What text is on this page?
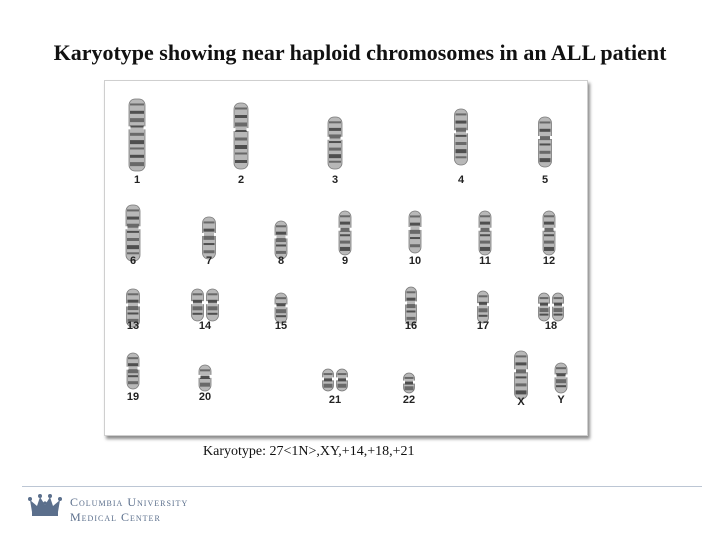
Karyotype showing near haploid chromosomes in an ALL patient
1	2	3	4	5
6	7	8	9	10	11	12
13	14	15	16	17	18
19	20	21	22	X	Y
Karyotype: 27<1N>,XY,+14,+18,+21
Columbia University
Medical Center
